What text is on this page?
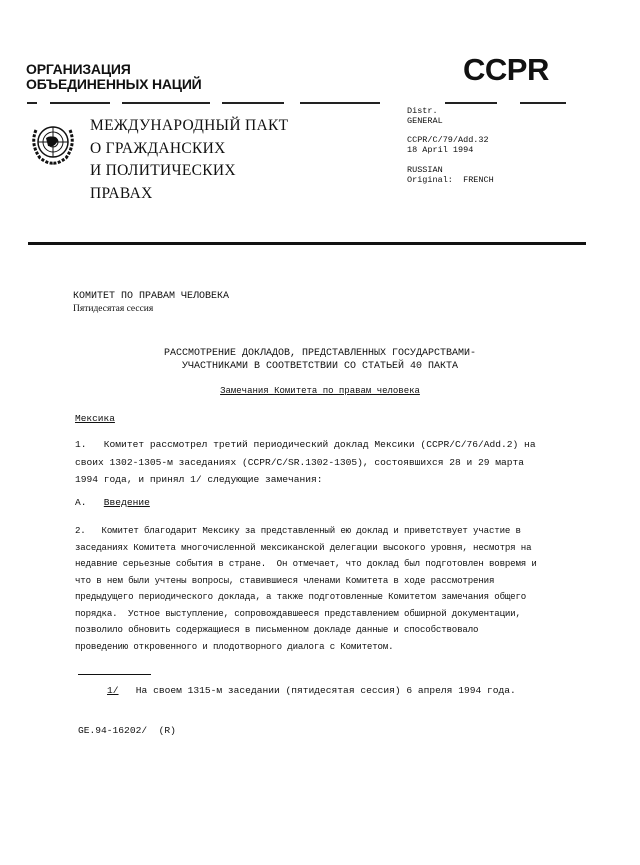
ОРГАНИЗАЦИЯ
ОБЪЕДИНЕННЫХ НАЦИЙ	CCPR
МЕЖДУНАРОДНЫЙ ПАКТ
О ГРАЖДАНСКИХ
И ПОЛИТИЧЕСКИХ
ПРАВАХ
Distr.
GENERAL
CCPR/C/79/Add.32
18 April 1994
RUSSIAN
Original:  FRENCH
КОМИТЕТ ПО ПРАВАМ ЧЕЛОВЕКА
Пятидесятая сессия
РАССМОТРЕНИЕ ДОКЛАДОВ, ПРЕДСТАВЛЕННЫХ ГОСУДАРСТВАМИ-
УЧАСТНИКАМИ В СООТВЕТСТВИИ СО СТАТЬЕЙ 40 ПАКТА
Замечания Комитета по правам человека
Мексика
1.   Комитет рассмотрел третий периодический доклад Мексики (CCPR/C/76/Add.2) на
своих 1302-1305-м заседаниях (CCPR/C/SR.1302-1305), состоявшихся 28 и 29 марта
1994 года, и принял 1/ следующие замечания:
A. Введение
2.   Комитет благодарит Мексику за представленный ею доклад и приветствует участие в
заседаниях Комитета многочисленной мексиканской делегации высокого уровня, несмотря на
недавние серьезные события в стране.  Он отмечает, что доклад был подготовлен вовремя и
что в нем были учтены вопросы, ставившиеся членами Комитета в ходе рассмотрения
предыдущего периодического доклада, а также подготовленные Комитетом замечания общего
порядка.  Устное выступление, сопровождавшееся представлением обширной документации,
позволило обновить содержащиеся в письменном докладе данные и способствовало
проведению откровенного и плодотворного диалога с Комитетом.
1/ На своем 1315-м заседании (пятидесятая сессия) 6 апреля 1994 года.
GE.94-16202/  (R)
